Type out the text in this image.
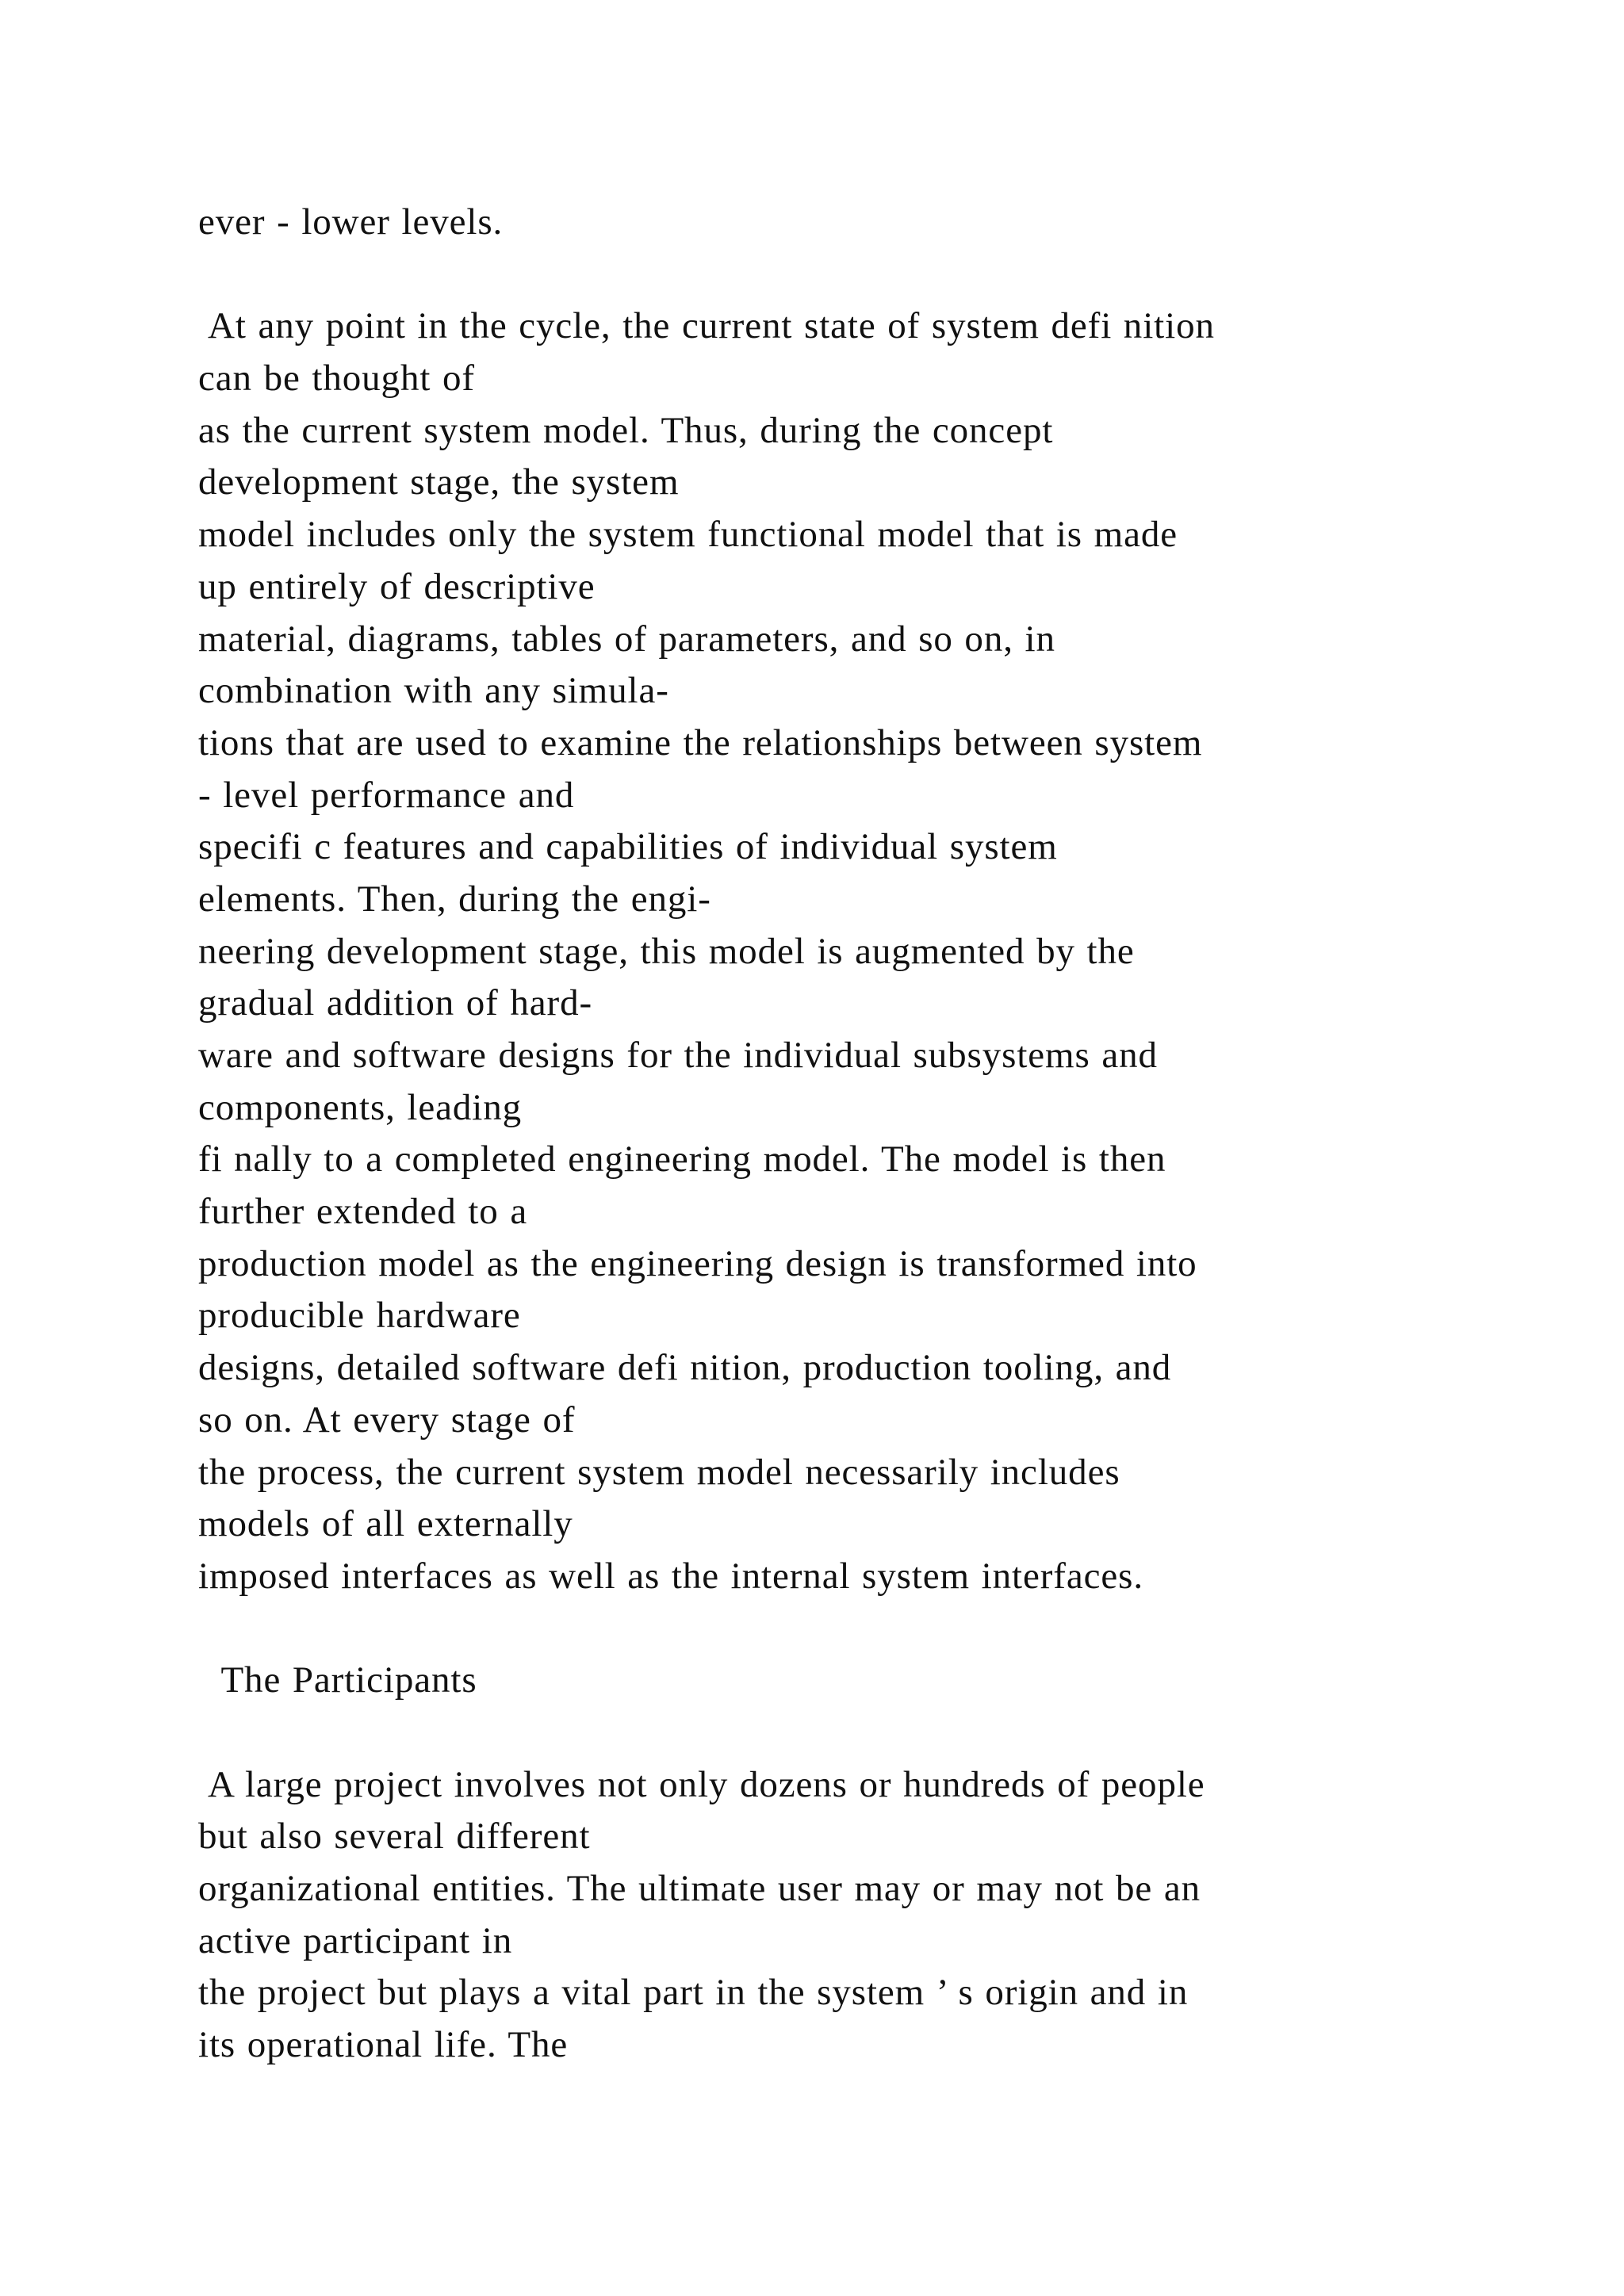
ever - lower levels.
At any point in the cycle, the current state of system defi nition
can be thought of
as the current system model. Thus, during the concept
development stage, the system
model includes only the system functional model that is made
up entirely of descriptive
material, diagrams, tables of parameters, and so on, in
combination with any simula-
tions that are used to examine the relationships between system
- level performance and
specifi c features and capabilities of individual system
elements. Then, during the engi-
neering development stage, this model is augmented by the
gradual addition of hard-
ware and software designs for the individual subsystems and
components, leading
fi nally to a completed engineering model. The model is then
further extended to a
production model as the engineering design is transformed into
producible hardware
designs, detailed software defi nition, production tooling, and
so on. At every stage of
the process, the current system model necessarily includes
models of all externally
imposed interfaces as well as the internal system interfaces.
The Participants
A large project involves not only dozens or hundreds of people
but also several different
organizational entities. The ultimate user may or may not be an
active participant in
the project but plays a vital part in the system ’ s origin and in
its operational life. The
